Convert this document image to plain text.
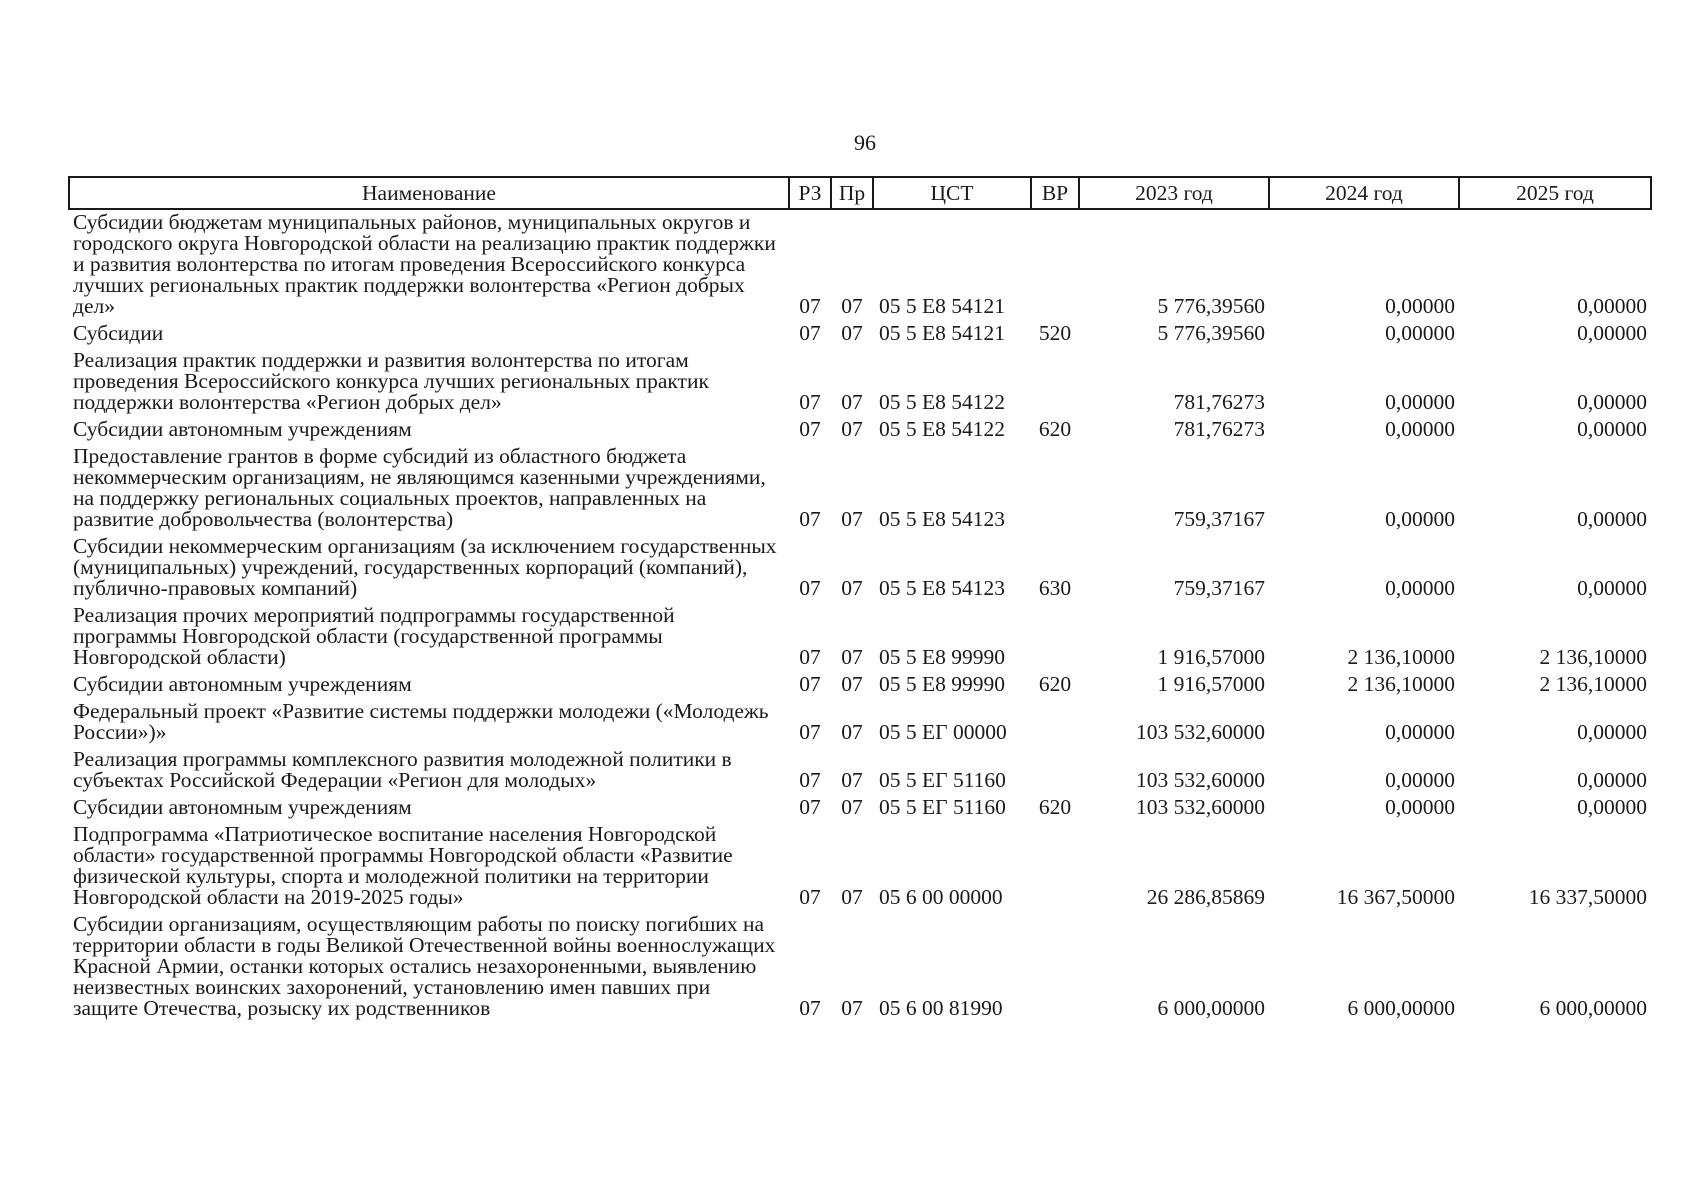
96
Наименование	РЗ	Пр	ЦСТ	ВР	2023 год	2024 год	2025 год
Субсидии бюджетам муниципальных районов, муниципальных округов и городского округа Новгородской области на реализацию практик поддержки и развития волонтерства по итогам проведения Всероссийского конкурса лучших региональных практик поддержки волонтерства «Регион добрых дел»	07	07	05 5 Е8 54121		5 776,39560	0,00000	0,00000
Субсидии	07	07	05 5 Е8 54121	520	5 776,39560	0,00000	0,00000
Реализация практик поддержки и развития волонтерства по итогам проведения Всероссийского конкурса лучших региональных практик поддержки волонтерства «Регион добрых дел»	07	07	05 5 Е8 54122		781,76273	0,00000	0,00000
Субсидии автономным учреждениям	07	07	05 5 Е8 54122	620	781,76273	0,00000	0,00000
Предоставление грантов в форме субсидий из областного бюджета некоммерческим организациям, не являющимся казенными учреждениями, на поддержку региональных социальных проектов, направленных на развитие добровольчества (волонтерства)	07	07	05 5 Е8 54123		759,37167	0,00000	0,00000
Субсидии некоммерческим организациям (за исключением государственных (муниципальных) учреждений, государственных корпораций (компаний), публично-правовых компаний)	07	07	05 5 Е8 54123	630	759,37167	0,00000	0,00000
Реализация прочих мероприятий подпрограммы государственной программы Новгородской области (государственной программы Новгородской области)	07	07	05 5 Е8 99990		1 916,57000	2 136,10000	2 136,10000
Субсидии автономным учреждениям	07	07	05 5 Е8 99990	620	1 916,57000	2 136,10000	2 136,10000
Федеральный проект «Развитие системы поддержки молодежи («Молодежь России»)»	07	07	05 5 ЕГ 00000		103 532,60000	0,00000	0,00000
Реализация программы комплексного развития молодежной политики в субъектах Российской Федерации «Регион для молодых»	07	07	05 5 ЕГ 51160		103 532,60000	0,00000	0,00000
Субсидии автономным учреждениям	07	07	05 5 ЕГ 51160	620	103 532,60000	0,00000	0,00000
Подпрограмма «Патриотическое воспитание населения Новгородской области» государственной программы Новгородской области «Развитие физической культуры, спорта и молодежной политики на территории Новгородской области на 2019-2025 годы»	07	07	05 6 00 00000		26 286,85869	16 367,50000	16 337,50000
Субсидии организациям, осуществляющим работы по поиску погибших на территории области в годы Великой Отечественной войны военнослужащих Красной Армии, останки которых остались незахороненными, выявлению неизвестных воинских захоронений, установлению имен павших при защите Отечества, розыску их родственников	07	07	05 6 00 81990		6 000,00000	6 000,00000	6 000,00000
